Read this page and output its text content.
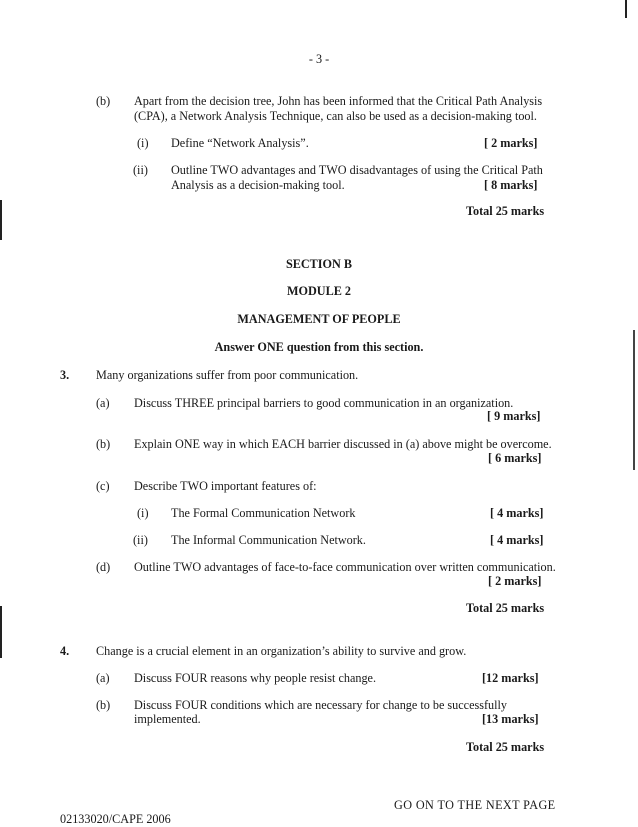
- 3 -
(b) Apart from the decision tree, John has been informed that the Critical Path Analysis
(CPA), a Network Analysis Technique, can also be used as a decision-making tool.
(i) Define “Network Analysis”.	[ 2 marks]
(ii) Outline TWO advantages and TWO disadvantages of using the Critical Path
Analysis as a decision-making tool.	[ 8 marks]
Total 25 marks
SECTION B
MODULE 2
MANAGEMENT OF PEOPLE
Answer ONE question from this section.
3. Many organizations suffer from poor communication.
(a) Discuss THREE principal barriers to good communication in an organization.
[ 9 marks]
(b) Explain ONE way in which EACH barrier discussed in (a) above might be overcome.
[ 6 marks]
(c) Describe TWO important features of:
(i) The Formal Communication Network	[ 4 marks]
(ii) The Informal Communication Network.	[ 4 marks]
(d) Outline TWO advantages of face-to-face communication over written communication.
[ 2 marks]
Total 25 marks
4. Change is a crucial element in an organization’s ability to survive and grow.
(a) Discuss FOUR reasons why people resist change.	[12 marks]
(b) Discuss FOUR conditions which are necessary for change to be successfully
implemented.	[13 marks]
Total 25 marks
GO ON TO THE NEXT PAGE
02133020/CAPE 2006
